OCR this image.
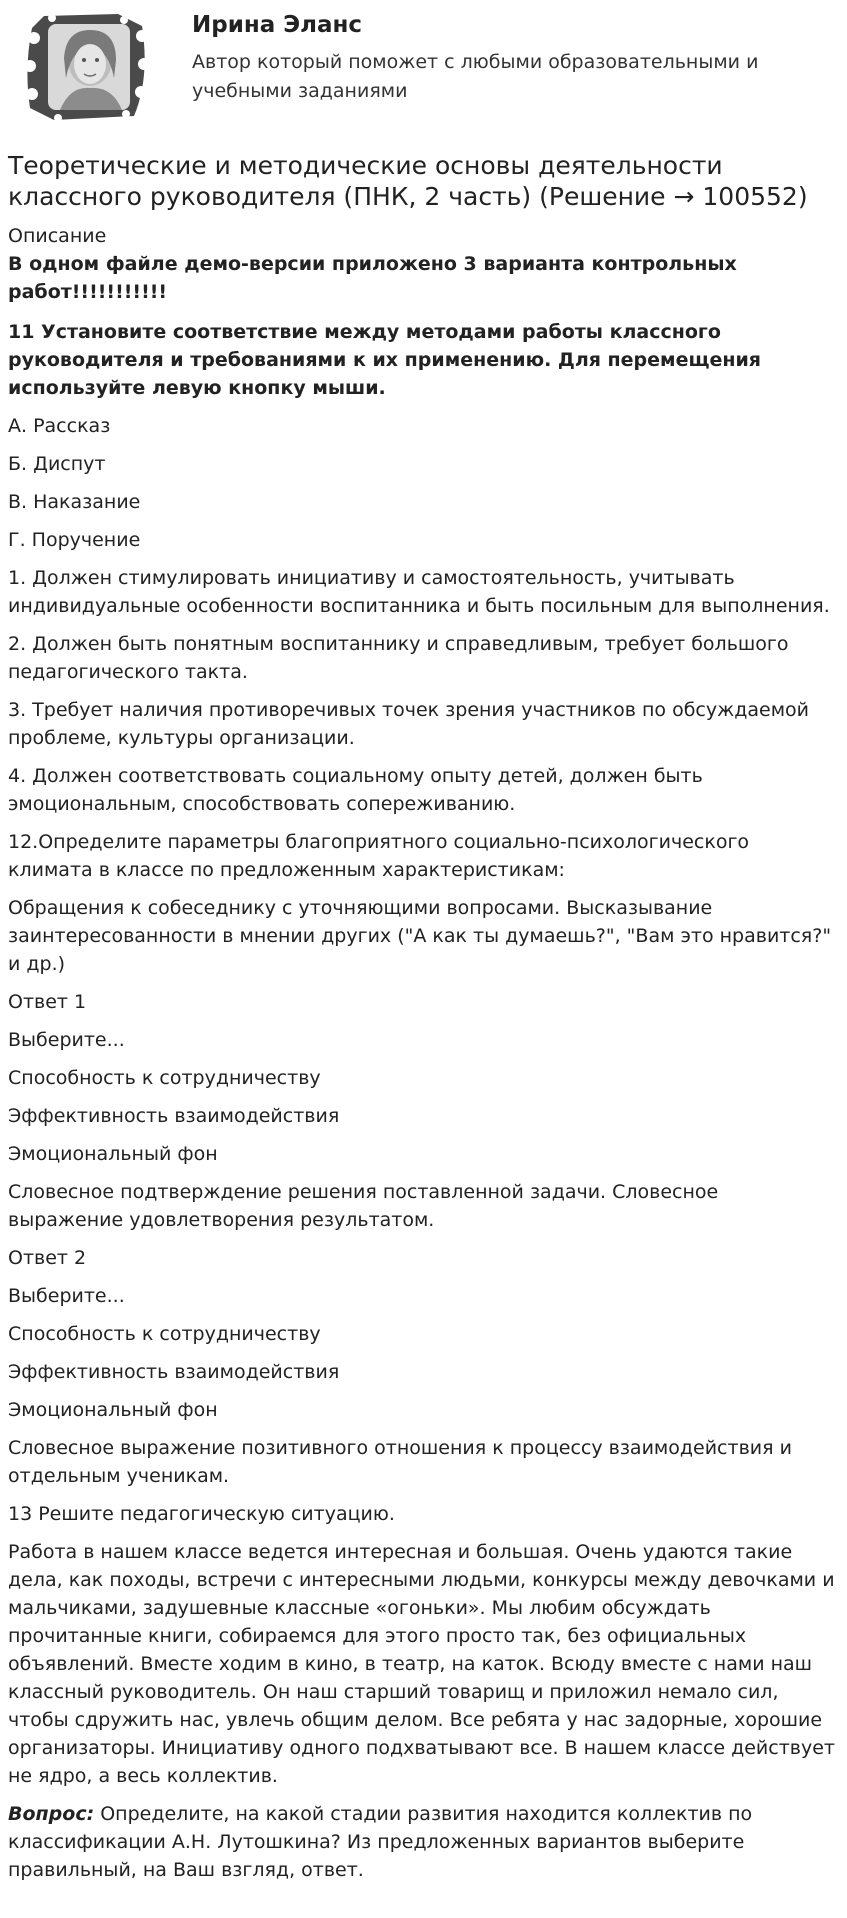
Ирина Эланс
Автор который поможет с любыми образовательными и учебными заданиями
Теоретические и методические основы деятельности классного руководителя (ПНК, 2 часть) (Решение → 100552)
Описание

В одном файле демо-версии приложено 3 варианта контрольных работ!!!!!!!!!!!

11 Установите соответствие между методами работы классного руководителя и требованиями к их применению. Для перемещения используйте левую кнопку мыши.

А. Рассказ

Б. Диспут

В. Наказание

Г. Поручение

1. Должен стимулировать инициативу и самостоятельность, учитывать индивидуальные особенности воспитанника и быть посильным для выполнения.

2. Должен быть понятным воспитаннику и справедливым, требует большого педагогического такта.

3. Требует наличия противоречивых точек зрения участников по обсуждаемой проблеме, культуры организации.

4. Должен соответствовать социальному опыту детей, должен быть эмоциональным, способствовать сопереживанию.

12.Определите параметры благоприятного социально-психологического климата в классе по предложенным характеристикам:

Обращения к собеседнику с уточняющими вопросами. Высказывание заинтересованности в мнении других ("А как ты думаешь?", "Вам это нравится?" и др.)

Ответ 1

Выберите...

Способность к сотрудничеству

Эффективность взаимодействия

Эмоциональный фон

Словесное подтверждение решения поставленной задачи. Словесное выражение удовлетворения результатом.

Ответ 2

Выберите...

Способность к сотрудничеству

Эффективность взаимодействия

Эмоциональный фон

Словесное выражение позитивного отношения к процессу взаимодействия и отдельным ученикам.

13 Решите педагогическую ситуацию.

Работа в нашем классе ведется интересная и большая. Очень удаются такие дела, как походы, встречи с интересными людьми, конкурсы между девочками и мальчиками, задушевные классные «огоньки». Мы любим обсуждать прочитанные книги, собираемся для этого просто так, без официальных объявлений. Вместе ходим в кино, в театр, на каток. Всюду вместе с нами наш классный руководитель. Он наш старший товарищ и приложил немало сил, чтобы сдружить нас, увлечь общим делом. Все ребята у нас задорные, хорошие организаторы. Инициативу одного подхватывают все. В нашем классе действует не ядро, а весь коллектив.

Вопрос: Определите, на какой стадии развития находится коллектив по классификации А.Н. Лутошкина? Из предложенных вариантов выберите правильный, на Ваш взгляд, ответ.
